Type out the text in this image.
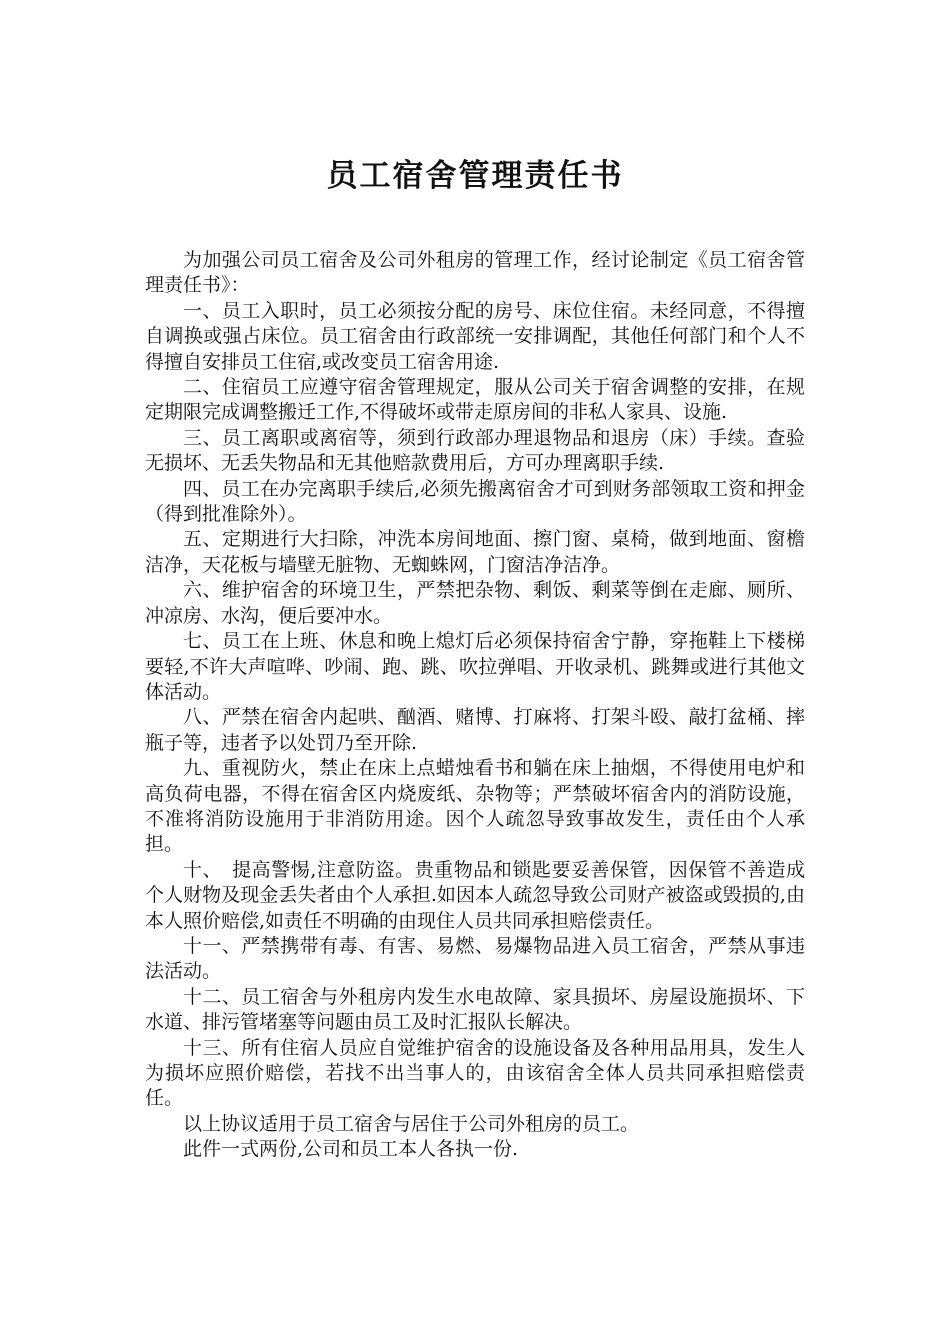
员工宿舍管理责任书

为加强公司员工宿舍及公司外租房的管理工作，经讨论制定《员工宿舍管理责任书》：

一、员工入职时，员工必须按分配的房号、床位住宿。未经同意，不得擅自调换或强占床位。员工宿舍由行政部统一安排调配，其他任何部门和个人不得擅自安排员工住宿,或改变员工宿舍用途.

二、住宿员工应遵守宿舍管理规定，服从公司关于宿舍调整的安排，在规定期限完成调整搬迁工作,不得破坏或带走原房间的非私人家具、设施.

三、员工离职或离宿等，须到行政部办理退物品和退房（床）手续。查验无损坏、无丢失物品和无其他赔款费用后，方可办理离职手续.

四、员工在办完离职手续后,必须先搬离宿舍才可到财务部领取工资和押金（得到批准除外）。

五、定期进行大扫除，冲洗本房间地面、擦门窗、桌椅，做到地面、窗檐洁净，天花板与墙壁无脏物、无蜘蛛网，门窗洁净洁净。

六、维护宿舍的环境卫生，严禁把杂物、剩饭、剩菜等倒在走廊、厕所、冲凉房、水沟，便后要冲水。

七、员工在上班、休息和晚上熄灯后必须保持宿舍宁静，穿拖鞋上下楼梯要轻,不许大声喧哗、吵闹、跑、跳、吹拉弹唱、开收录机、跳舞或进行其他文体活动。

八、严禁在宿舍内起哄、酗酒、赌博、打麻将、打架斗殴、敲打盆桶、摔瓶子等，违者予以处罚乃至开除.

九、重视防火，禁止在床上点蜡烛看书和躺在床上抽烟，不得使用电炉和高负荷电器，不得在宿舍区内烧废纸、杂物等；严禁破坏宿舍内的消防设施，不准将消防设施用于非消防用途。因个人疏忽导致事故发生，责任由个人承担。

十、　提高警惕,注意防盗。贵重物品和锁匙要妥善保管，因保管不善造成个人财物及现金丢失者由个人承担.如因本人疏忽导致公司财产被盗或毁损的,由本人照价赔偿,如责任不明确的由现住人员共同承担赔偿责任。

十一、严禁携带有毒、有害、易燃、易爆物品进入员工宿舍，严禁从事违法活动。

十二、员工宿舍与外租房内发生水电故障、家具损坏、房屋设施损坏、下水道、排污管堵塞等问题由员工及时汇报队长解决。

十三、所有住宿人员应自觉维护宿舍的设施设备及各种用品用具，发生人为损坏应照价赔偿，若找不出当事人的，由该宿舍全体人员共同承担赔偿责任。

以上协议适用于员工宿舍与居住于公司外租房的员工。

此件一式两份,公司和员工本人各执一份.
